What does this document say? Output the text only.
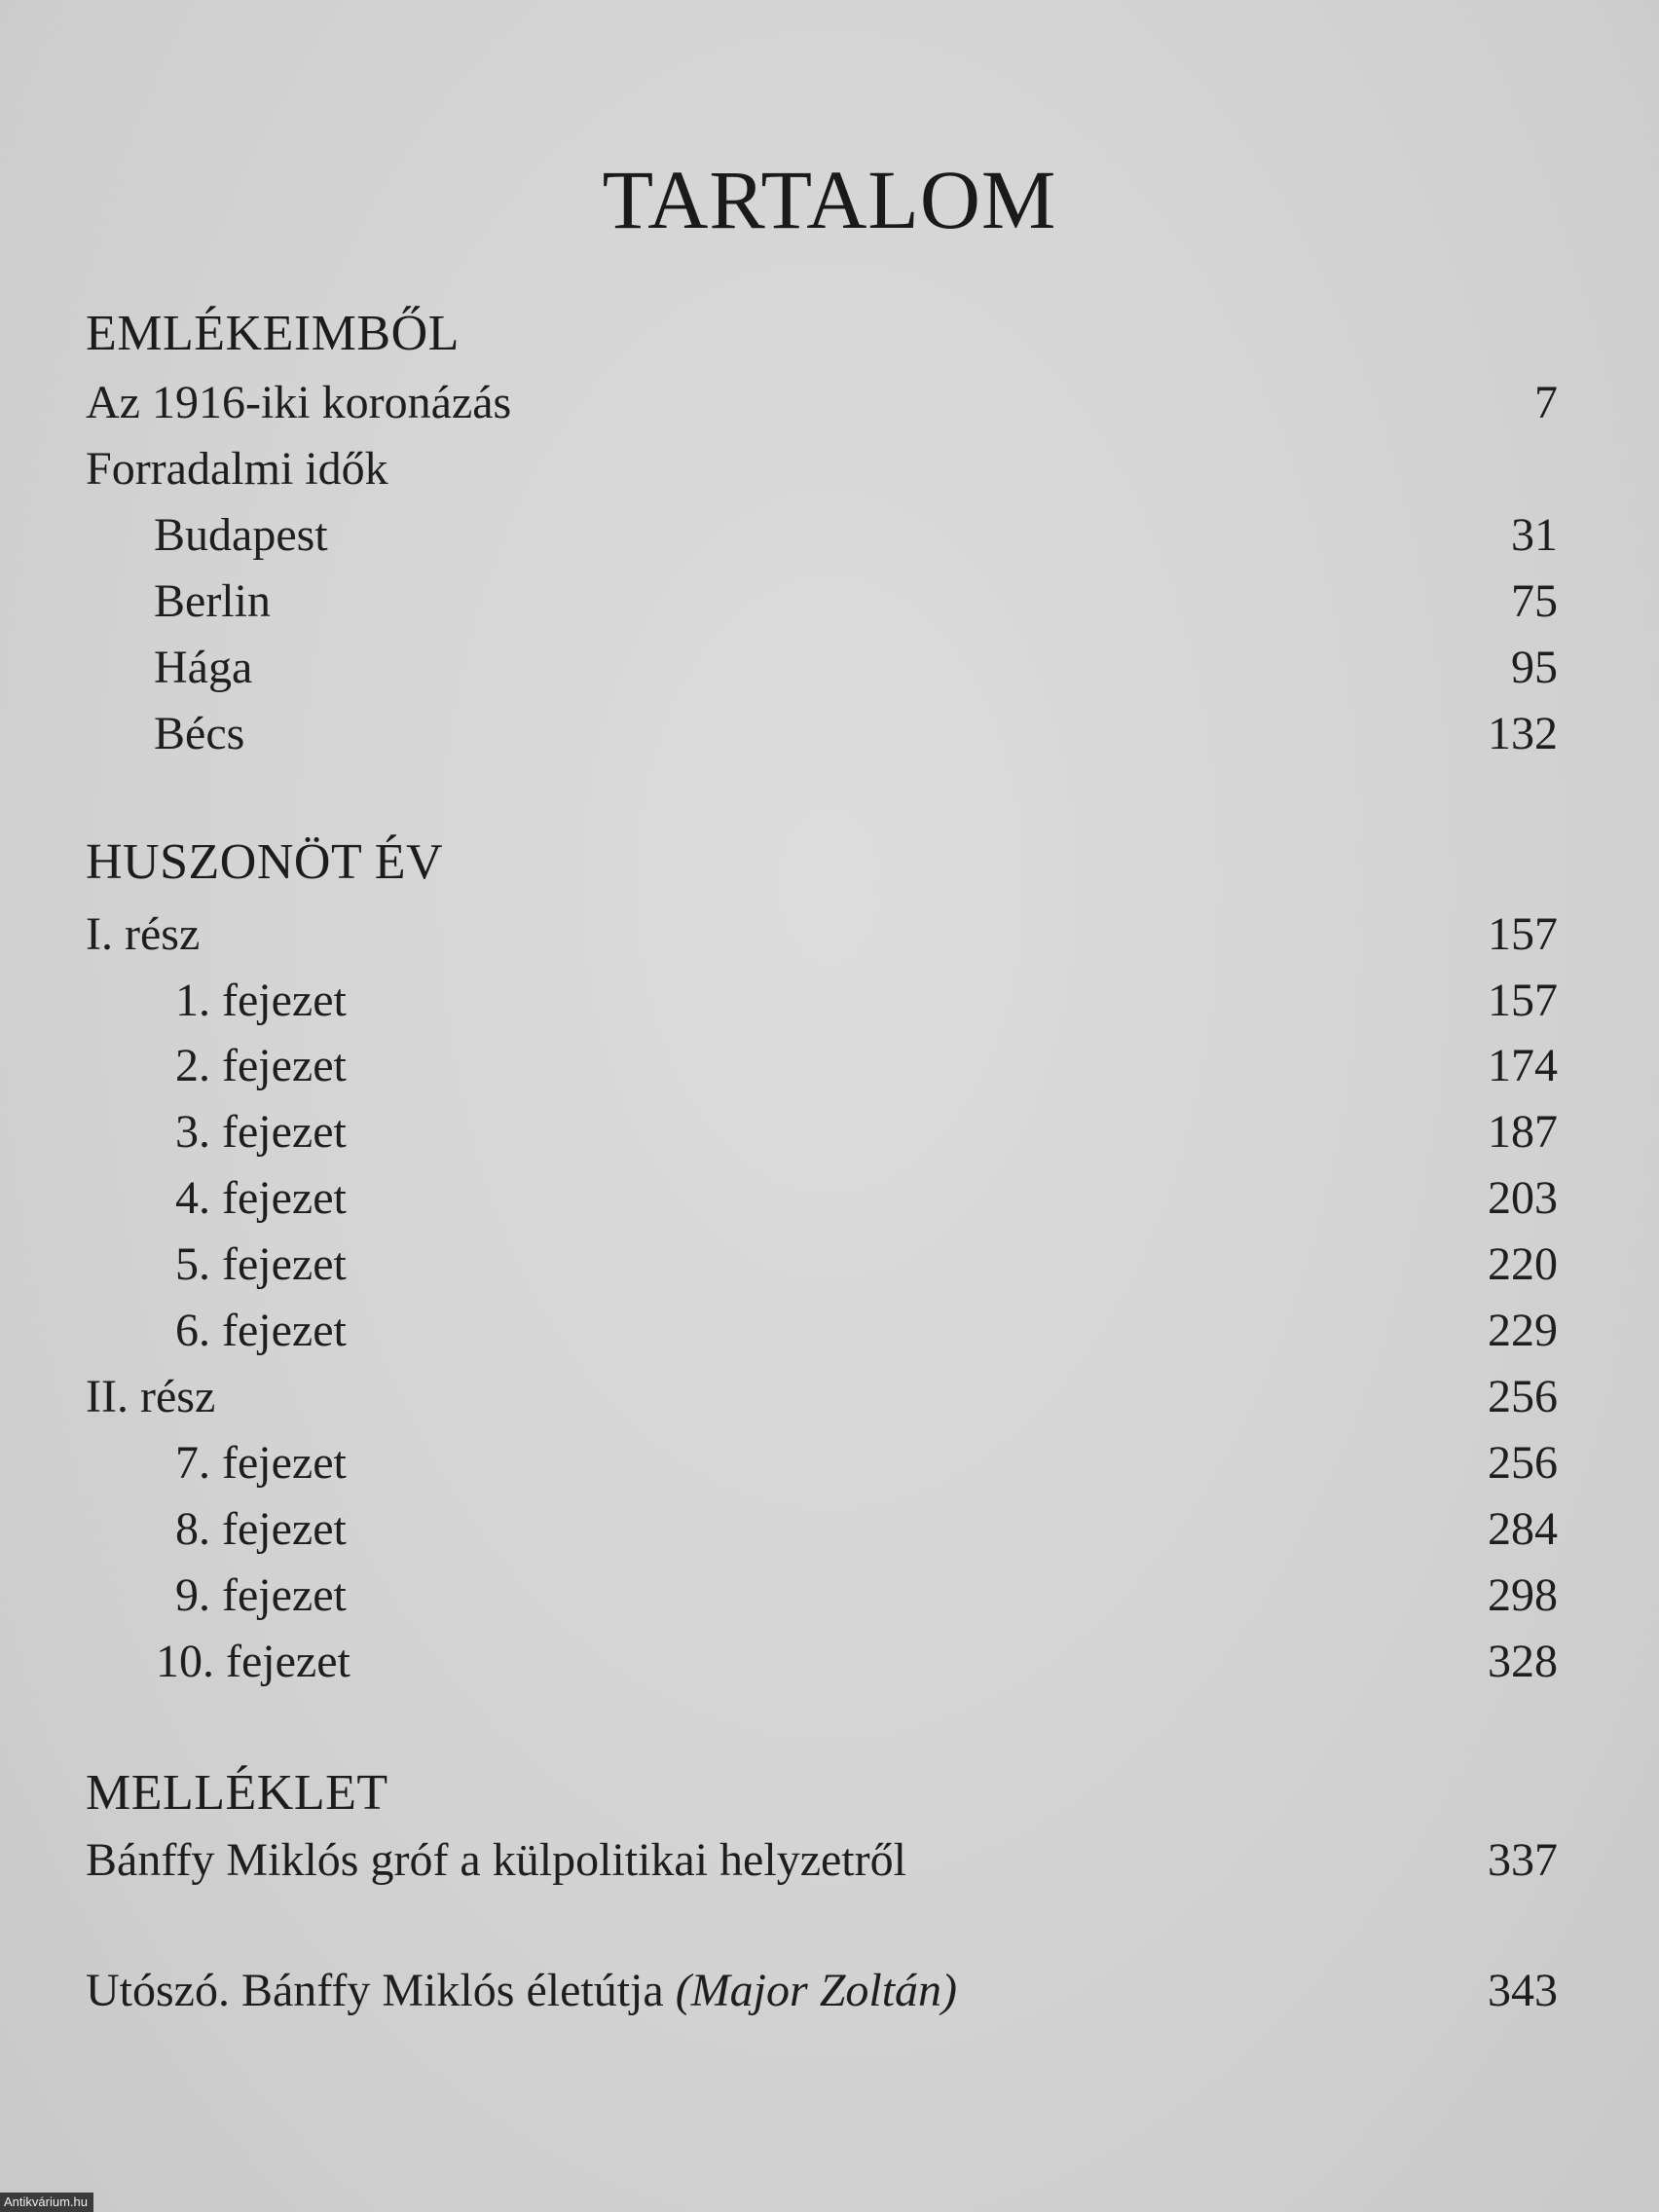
TARTALOM
EMLÉKEIMBŐL
Az 1916-iki koronázás	7
Forradalmi idők
Budapest	31
Berlin	75
Hága	95
Bécs	132
HUSZONÖT ÉV
I. rész	157
1. fejezet	157
2. fejezet	174
3. fejezet	187
4. fejezet	203
5. fejezet	220
6. fejezet	229
II. rész	256
7. fejezet	256
8. fejezet	284
9. fejezet	298
10. fejezet	328
MELLÉKLET
Bánffy Miklós gróf a külpolitikai helyzetről	337
Utószó. Bánffy Miklós életútja (Major Zoltán)	343
Antikvárium.hu
